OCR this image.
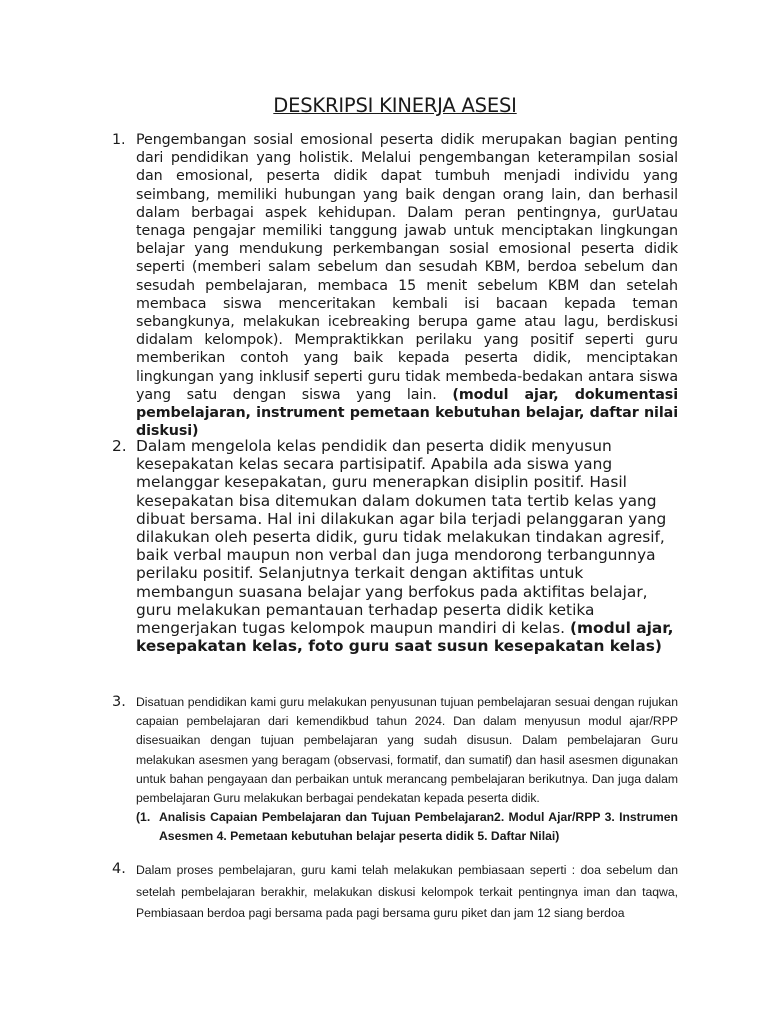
DESKRIPSI KINERJA ASESI
1. Pengembangan sosial emosional peserta didik merupakan bagian penting dari pendidikan yang holistik. Melalui pengembangan keterampilan sosial dan emosional, peserta didik dapat tumbuh menjadi individu yang seimbang, memiliki hubungan yang baik dengan orang lain, dan berhasil dalam berbagai aspek kehidupan. Dalam peran pentingnya, gurUatau tenaga pengajar memiliki tanggung jawab untuk menciptakan lingkungan belajar yang mendukung perkembangan sosial emosional peserta didik seperti (memberi salam sebelum dan sesudah KBM, berdoa sebelum dan sesudah pembelajaran, membaca 15 menit sebelum KBM dan setelah membaca siswa menceritakan kembali isi bacaan kepada teman sebangkunya, melakukan icebreaking berupa game atau lagu, berdiskusi didalam kelompok). Mempraktikkan perilaku yang positif seperti guru memberikan contoh yang baik kepada peserta didik, menciptakan lingkungan yang inklusif seperti guru tidak membeda-bedakan antara siswa yang satu dengan siswa yang lain. (modul ajar, dokumentasi pembelajaran, instrument pemetaan kebutuhan belajar, daftar nilai diskusi)
2. Dalam mengelola kelas pendidik dan peserta didik menyusun kesepakatan kelas secara partisipatif. Apabila ada siswa yang melanggar kesepakatan, guru menerapkan disiplin positif. Hasil kesepakatan bisa ditemukan dalam dokumen tata tertib kelas yang dibuat bersama. Hal ini dilakukan agar bila terjadi pelanggaran yang dilakukan oleh peserta didik, guru tidak melakukan tindakan agresif, baik verbal maupun non verbal dan juga mendorong terbangunnya perilaku positif. Selanjutnya terkait dengan aktifitas untuk membangun suasana belajar yang berfokus pada aktifitas belajar, guru melakukan pemantauan terhadap peserta didik ketika mengerjakan tugas kelompok maupun mandiri di kelas. (modul ajar, kesepakatan kelas, foto guru saat susun kesepakatan kelas)
3. Disatuan pendidikan kami guru melakukan penyusunan tujuan pembelajaran sesuai dengan rujukan capaian pembelajaran dari kemendikbud tahun 2024. Dan dalam menyusun modul ajar/RPP disesuaikan dengan tujuan pembelajaran yang sudah disusun. Dalam pembelajaran Guru melakukan asesmen yang beragam (observasi, formatif, dan sumatif) dan hasil asesmen digunakan untuk bahan pengayaan dan perbaikan untuk merancang pembelajaran berikutnya. Dan juga dalam pembelajaran Guru melakukan berbagai pendekatan kepada peserta didik.
(1. Analisis Capaian Pembelajaran dan Tujuan Pembelajaran2. Modul Ajar/RPP 3. Instrumen Asesmen 4. Pemetaan kebutuhan belajar peserta didik 5. Daftar Nilai)
4. Dalam proses pembelajaran, guru kami telah melakukan pembiasaan seperti : doa sebelum dan setelah pembelajaran berakhir, melakukan diskusi kelompok terkait pentingnya iman dan taqwa, Pembiasaan berdoa pagi bersama pada pagi bersama guru piket dan jam 12 siang berdoa
